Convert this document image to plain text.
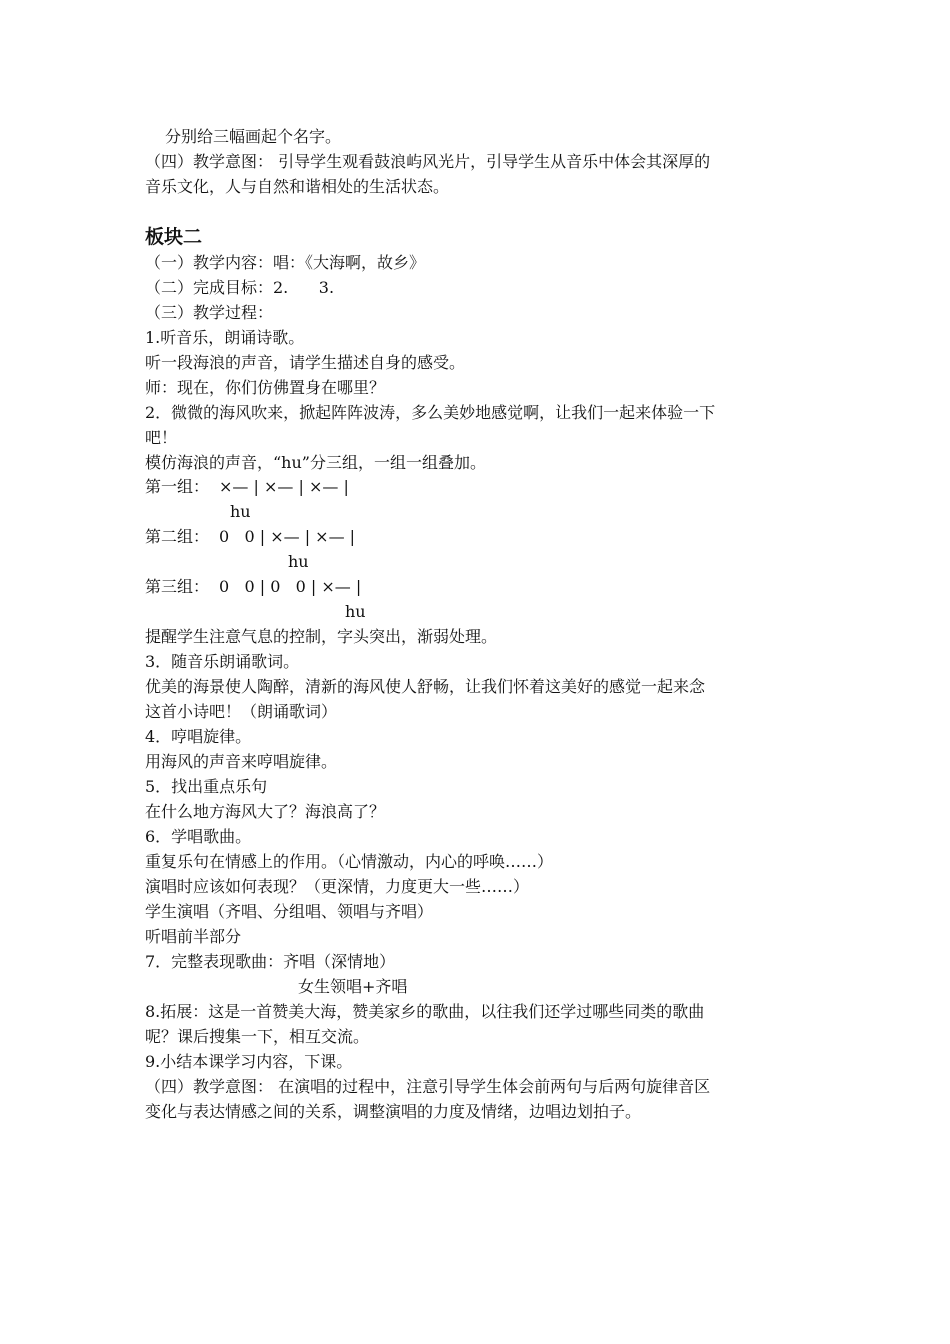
分别给三幅画起个名字。
（四）教学意图： 引导学生观看鼓浪屿风光片，引导学生从音乐中体会其深厚的
音乐文化，人与自然和谐相处的生活状态。
板块二
（一）教学内容：唱：《大海啊，故乡》
（二）完成目标：2.      3.
（三）教学过程：
1.听音乐，朗诵诗歌。
听一段海浪的声音，请学生描述自身的感受。
师：现在，你们仿佛置身在哪里？
2．微微的海风吹来，掀起阵阵波涛，多么美妙地感觉啊，让我们一起来体验一下
吧！
模仿海浪的声音，“hu”分三组，一组一组叠加。
第一组： ×— | ×— | ×— |
hu
第二组： 0   0 | ×— | ×— |
hu
第三组： 0   0 | 0   0 | ×— |
hu
提醒学生注意气息的控制，字头突出，渐弱处理。
3．随音乐朗诵歌词。
优美的海景使人陶醉，清新的海风使人舒畅，让我们怀着这美好的感觉一起来念
这首小诗吧！（朗诵歌词）
4．哼唱旋律。
用海风的声音来哼唱旋律。
5．找出重点乐句
在什么地方海风大了？海浪高了？
6．学唱歌曲。
重复乐句在情感上的作用。（心情激动，内心的呼唤……）
演唱时应该如何表现？（更深情，力度更大一些……）
学生演唱（齐唱、分组唱、领唱与齐唱）
听唱前半部分
7．完整表现歌曲：齐唱（深情地）
女生领唱+齐唱
8.拓展：这是一首赞美大海，赞美家乡的歌曲，以往我们还学过哪些同类的歌曲
呢？课后搜集一下，相互交流。
9.小结本课学习内容，下课。
（四）教学意图： 在演唱的过程中，注意引导学生体会前两句与后两句旋律音区
变化与表达情感之间的关系，调整演唱的力度及情绪，边唱边划拍子。
